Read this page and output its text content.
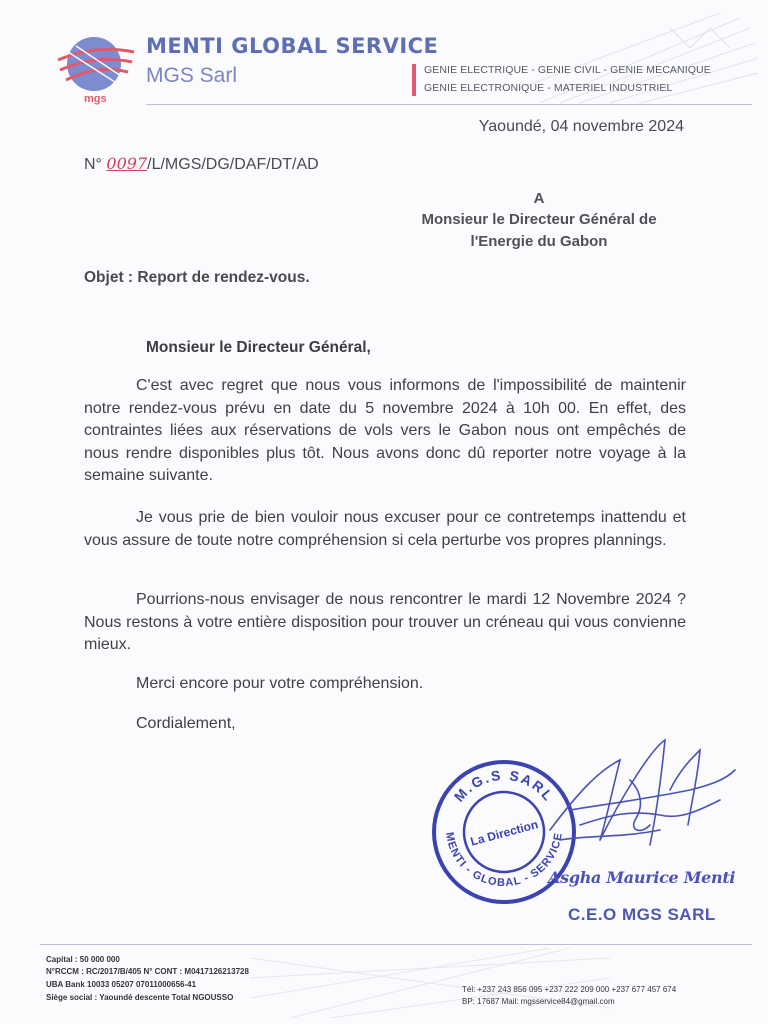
mgs
MENTI GLOBAL SERVICE
MGS Sarl	GENIE ELECTRIQUE - GENIE CIVIL - GENIE MECANIQUE
GENIE ELECTRONIQUE - MATERIEL INDUSTRIEL
Yaoundé, 04 novembre 2024
N° 0097/L/MGS/DG/DAF/DT/AD
A
Monsieur le Directeur Général de
l'Energie du Gabon
Objet : Report de rendez-vous.
Monsieur le Directeur Général,
C'est avec regret que nous vous informons de l'impossibilité de maintenir notre rendez-vous prévu en date du 5 novembre 2024 à 10h 00. En effet, des contraintes liées aux réservations de vols vers le Gabon nous ont empêchés de nous rendre disponibles plus tôt. Nous avons donc dû reporter notre voyage à la semaine suivante.
Je vous prie de bien vouloir nous excuser pour ce contretemps inattendu et vous assure de toute notre compréhension si cela perturbe vos propres plannings.
Pourrions-nous envisager de nous rencontrer le mardi 12 Novembre 2024 ? Nous restons à votre entière disposition pour trouver un créneau qui vous convienne mieux.
Merci encore pour votre compréhension.
Cordialement,
M.G.S SARL
MENTI - GLOBAL - SERVICE
La Direction
Asgha Maurice Menti
C.E.O MGS SARL
Capital : 50 000 000
N°RCCM : RC/2017/B/405 N° CONT : M0417126213728
UBA Bank 10033 05207 07011000656-41
Siège social : Yaoundé descente Total NGOUSSO
Tél: +237 243 856 095 +237 222 209 000 +237 677 457 674
BP: 17687 Mail: mgsservice84@gmail.com
